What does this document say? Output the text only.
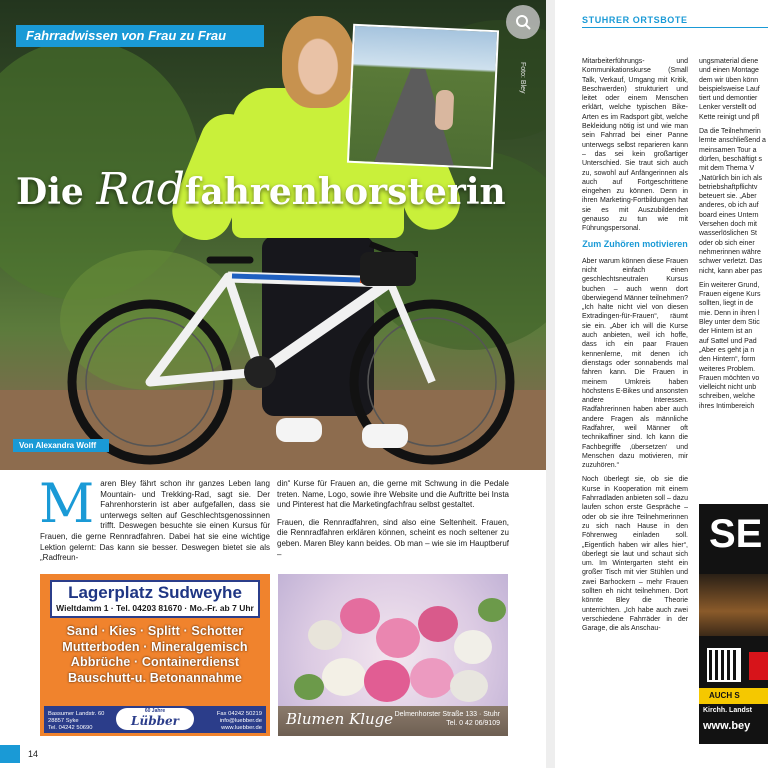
Foto: Bley
Fahrradwissen von Frau zu Frau
Die Radfahrenhorsterin
Von Alexandra Wolff
Maren Bley fährt schon ihr ganzes Leben lang Mountain- und Trekking-Rad, sagt sie. Der Fahrenhorsterin ist aber aufgefallen, dass sie unterwegs selten auf Geschlechtsgenossinnen trifft. Deswegen besuchte sie einen Kursus für Frauen, die gerne Rennradfahren. Dabei hat sie eine wichtige Lektion gelernt: Das kann sie besser. Deswegen bietet sie als „Radfreun-

din“ Kurse für Frauen an, die gerne mit Schwung in die Pedale treten. Name, Logo, sowie ihre Website und die Auftritte bei Insta und Pinterest hat die Marketingfachfrau selbst gestaltet.

Frauen, die Rennradfahren, sind also eine Seltenheit. Frauen, die Rennradfahren erklären können, scheint es noch seltener zu geben. Maren Bley kann beides. Ob man – wie sie im Hauptberuf –

Lagerplatz Sudweyhe
Wieltdamm 1 · Tel. 04203 81670 · Mo.-Fr. ab 7 Uhr
Sand · Kies · Splitt · Schotter
Mutterboden · Mineralgemisch
Abbrüche · Containerdienst
Bauschutt-u. Betonannahme
Bassumer Landstr. 60
28857 Syke
Tel. 04242 50690
60 Jahre
Lübber	Fax 04242 50219
info@luebber.de
www.luebber.de Blumen Kluge Delmenhorster Straße 133 · Stuhr
Tel. 0 42 06/9109
14
STUHRER ORTSBOTE

Mitarbeiterführungs- und Kommunikationskurse (Small Talk, Verkauf, Umgang mit Kritik, Beschwerden) strukturiert und leitet oder einem Menschen erklärt, welche typischen Bike-Arten es im Radsport gibt, welche Bekleidung nötig ist und wie man sein Fahrrad bei einer Panne unterwegs selbst reparieren kann – das sei kein großartiger Unterschied. Sie traut sich auch zu, sowohl auf Anfängerinnen als auch auf Fortgeschrittene eingehen zu können. Denn in ihren Marketing-Fortbildungen hat sie es mit Auszubildenden genauso zu tun wie mit Führungspersonal.

Zum Zuhören motivieren

Aber warum können diese Frauen nicht einfach einen geschlechtsneutralen Kursus buchen – auch wenn dort überwiegend Männer teilnehmen? „Ich halte nicht viel von diesen Extradingen-für-Frauen“, räumt sie ein. „Aber ich will die Kurse auch anbieten, weil ich hoffe, dass ich ein paar Frauen kennenlerne, mit denen ich dienstags oder sonnabends mal fahren kann. Die Frauen in meinem Umkreis haben höchstens E-Bikes und ansonsten andere Interessen. Radfahrerinnen haben aber auch andere Fragen als männliche Radfahrer, weil Männer oft technikaffiner sind. Ich kann die Fachbegriffe ‚übersetzen‘ und Menschen dazu motivieren, mir zuzuhören.“

Noch überlegt sie, ob sie die Kurse in Kooperation mit einem Fahrradladen anbieten soll – dazu laufen schon erste Gespräche – oder ob sie ihre Teilnehmerinnen zu sich nach Hause in den Föhrenweg einladen soll. „Eigentlich haben wir alles hier“, überlegt sie laut und schaut sich um. Im Wintergarten steht ein großer Tisch mit vier Stühlen und zwei Barhockern – mehr Frauen sollten eh nicht teilnehmen. Dort könnte Bley die Theorie unterrichten. „Ich habe auch zwei verschiedene Fahrräder in der Garage, die als Anschau-

ungsmaterial diene
und einen Montage
dem wir üben könn
beispielsweise Lauf
tiert und demontier
Lenker verstellt od
Kette reinigt und pfl

Da die Teilnehmerin
lernte anschließend a
meinsamen Tour a
dürfen, beschäftigt s
mit dem Thema V
„Natürlich bin ich als
betriebshaftpflichtv
beteuert sie. „Aber
anderes, ob ich auf
board eines Untern
Versehen doch mit
wasserlöslichen St
oder ob sich einer
nehmerinnen währe
schwer verletzt. Das
nicht, kann aber pas

Ein weiterer Grund,
Frauen eigene Kurs
sollten, liegt in de
mie. Denn in ihren l
Bley unter dem Stic
der Hintern ist an
auf Sattel und Pad
„Aber es geht ja n
den Hintern“, form
weiteres Problem.
Frauen möchten vo
vielleicht nicht unb
schreiben, welche
ihres Intimbereich

SE
AUCH S
Kirchh. Landst
www.bey
